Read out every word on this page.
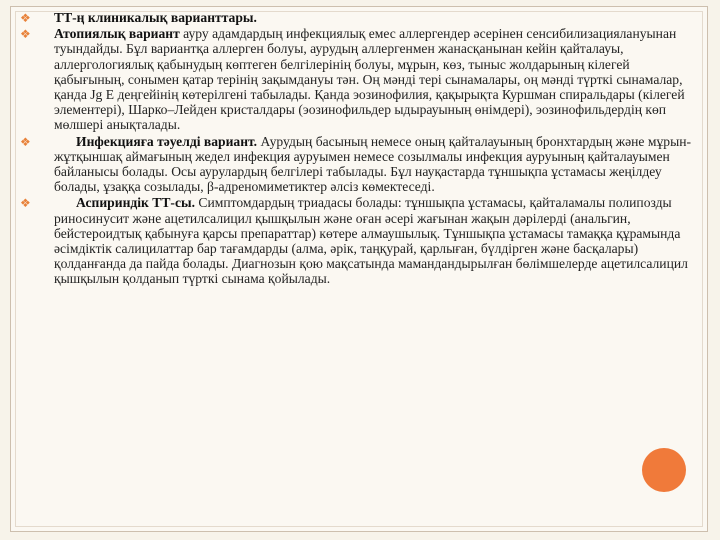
❖ ТТ-ң клиникалық варианттары.
❖ Атопиялық вариант ауру адамдардың инфекциялық емес аллергендер әсерінен сенсибилизациялануынан туындайды. Бұл вариантқа аллерген болуы, аурудың аллергенмен жанасқанынан кейін қайталауы, аллергологиялық қабынудың көптеген белгілерінің болуы, мұрын, көз, тыныс жолдарының кілегей қабығының, сонымен қатар терінің зақымдануы тән. Оң мәнді тері сынамалары, оң мәнді түрткі сынамалар, қанда Jg E деңгейінің көтерілгені табылады. Қанда эозинофилия, қақырықта Куршман спиральдары (кілегей элементері), Шарко–Лейден кристалдары (эозинофильдер ыдырауының өнімдері), эозинофильдердің көп мөлшері анықталады.
❖	Инфекцияға тәуелді вариант. Аурудың басының немесе оның қайталауының бронхтардың және мұрын-жұтқыншақ аймағының жедел инфекция ауруымен немесе созылмалы инфекция ауруының қайталауымен байланысы болады. Осы аурулардың белгілері табылады. Бұл науқастарда тұншықпа ұстамасы жеңілдеу болады, ұзаққа созылады, β-адреномиметиктер әлсіз көмектеседі.
❖	Аспириндік ТТ-сы. Симптомдардың триадасы болады: тұншықпа ұстамасы, қайталамалы полипозды риносинусит және ацетилсалицил қышқылын және оған әсері жағынан жақын дәрілерді (анальгин, бейстероидтық қабынуға қарсы препараттар) көтере алмаушылық. Тұншықпа ұстамасы тамаққа құрамында әсімдіктік салицилаттар бар тағамдарды (алма, әрік, таңқурай, қарлыған, бүлдірген және басқалары) қолданғанда да пайда болады. Диагнозын қою мақсатында мамандандырылған бөлімшелерде ацетилсалицил қышқылын қолданып түрткі сынама қойылады.
